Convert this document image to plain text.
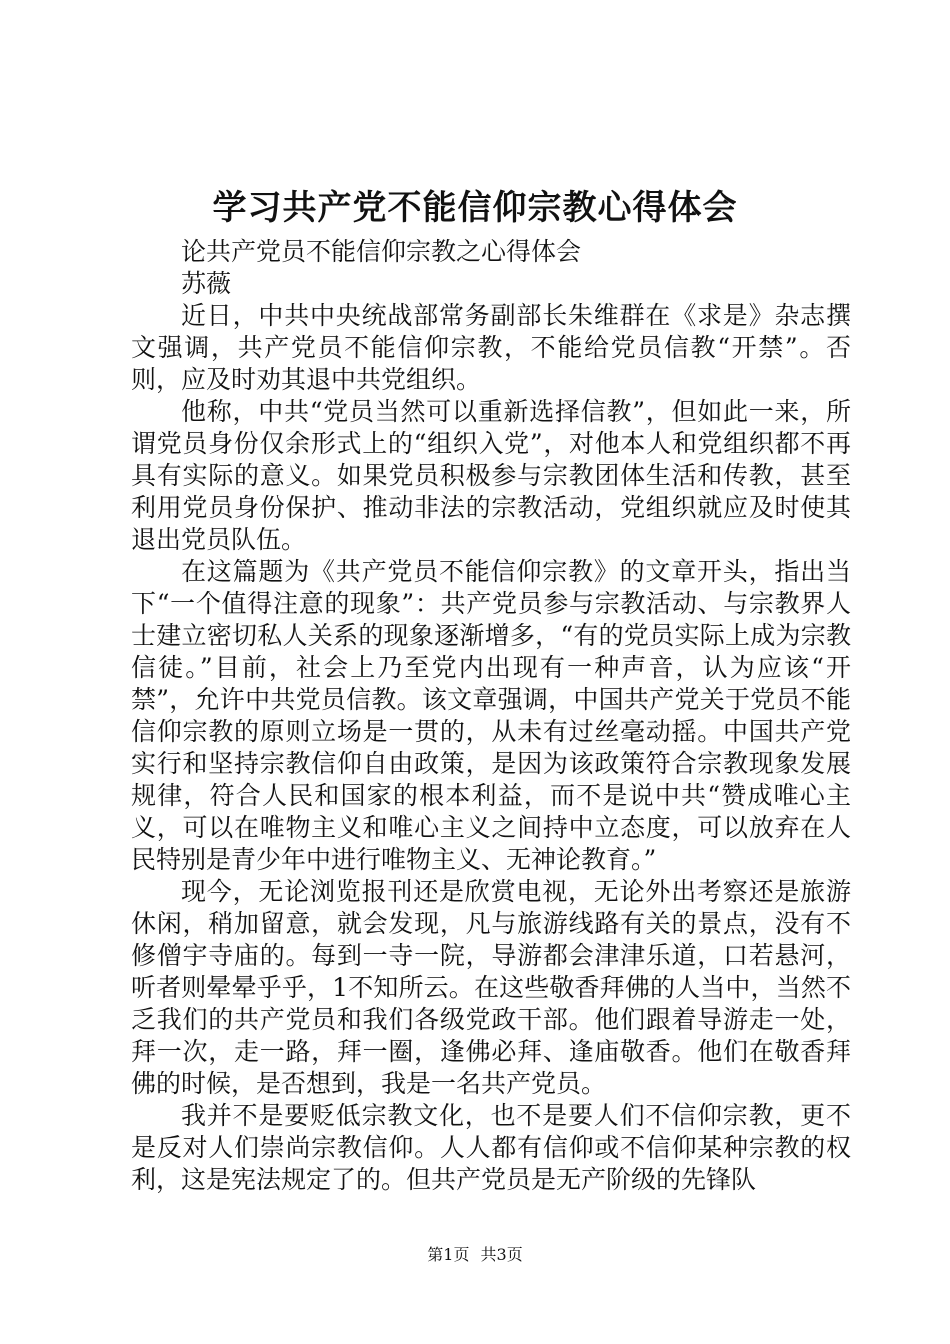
学习共产党不能信仰宗教心得体会

论共产党员不能信仰宗教之心得体会

苏薇

近日，中共中央统战部常务副部长朱维群在《求是》杂志撰文强调，共产党员不能信仰宗教，不能给党员信教“开禁”。否则，应及时劝其退中共党组织。

他称，中共“党员当然可以重新选择信教”，但如此一来，所谓党员身份仅余形式上的“组织入党”，对他本人和党组织都不再具有实际的意义。如果党员积极参与宗教团体生活和传教，甚至利用党员身份保护、推动非法的宗教活动，党组织就应及时使其退出党员队伍。

在这篇题为《共产党员不能信仰宗教》的文章开头，指出当下“一个值得注意的现象”：共产党员参与宗教活动、与宗教界人士建立密切私人关系的现象逐渐增多，“有的党员实际上成为宗教信徒。”目前，社会上乃至党内出现有一种声音，认为应该“开禁”，允许中共党员信教。该文章强调，中国共产党关于党员不能信仰宗教的原则立场是一贯的，从未有过丝毫动摇。中国共产党实行和坚持宗教信仰自由政策，是因为该政策符合宗教现象发展规律，符合人民和国家的根本利益，而不是说中共“赞成唯心主义，可以在唯物主义和唯心主义之间持中立态度，可以放弃在人民特别是青少年中进行唯物主义、无神论教育。”

现今，无论浏览报刊还是欣赏电视，无论外出考察还是旅游休闲，稍加留意，就会发现，凡与旅游线路有关的景点，没有不修僧宇寺庙的。每到一寺一院，导游都会津津乐道，口若悬河，听者则晕晕乎乎，1不知所云。在这些敬香拜佛的人当中，当然不乏我们的共产党员和我们各级党政干部。他们跟着导游走一处，拜一次，走一路，拜一圈，逢佛必拜、逢庙敬香。他们在敬香拜佛的时候，是否想到，我是一名共产党员。

我并不是要贬低宗教文化，也不是要人们不信仰宗教，更不是反对人们崇尚宗教信仰。人人都有信仰或不信仰某种宗教的权利，这是宪法规定了的。但共产党员是无产阶级的先锋队

第1页 共3页
